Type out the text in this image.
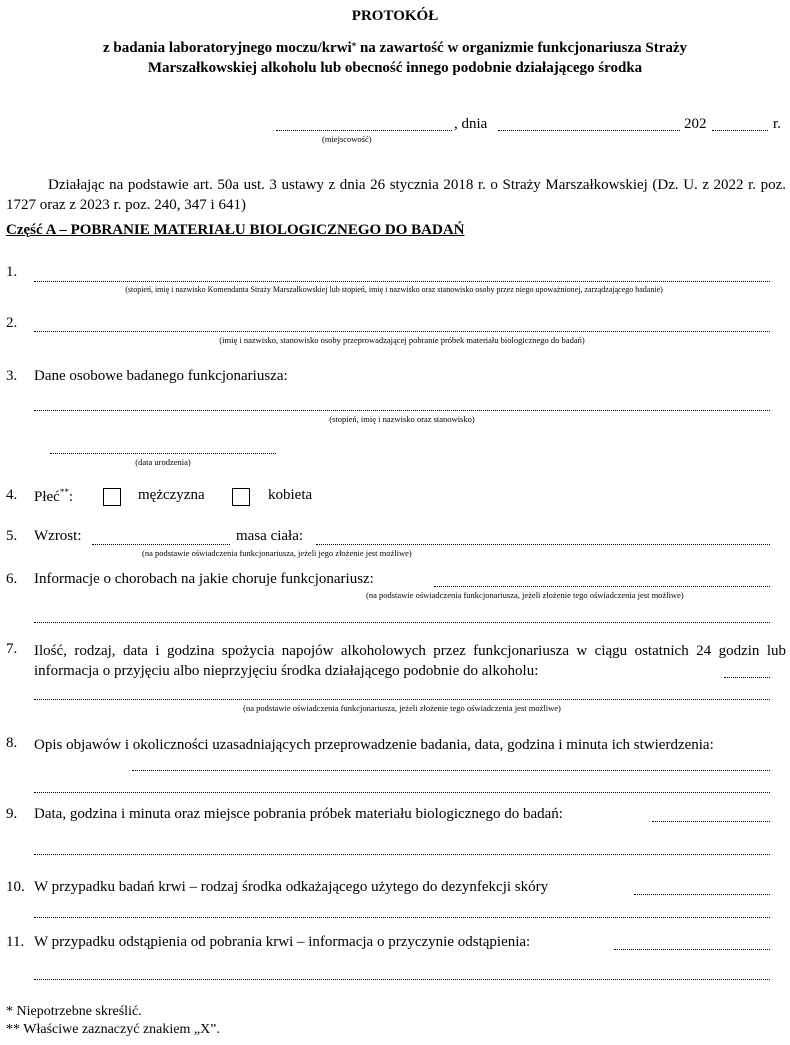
PROTOKÓŁ
z badania laboratoryjnego moczu/krwi* na zawartość w organizmie funkcjonariusza Straży
Marszałkowskiej alkoholu lub obecność innego podobnie działającego środka
, dnia	202	r.
(miejscowość)
Działając na podstawie art. 50a ust. 3 ustawy z dnia 26 stycznia 2018 r. o Straży Marszałkowskiej (Dz. U. z 2022 r. poz. 1727 oraz z 2023 r. poz. 240, 347 i 641)
Część A – POBRANIE MATERIAŁU BIOLOGICZNEGO DO BADAŃ
1.
(stopień, imię i nazwisko Komendanta Straży Marszałkowskiej lub stopień, imię i nazwisko oraz stanowisko osoby przez niego upoważnionej, zarządzającego badanie)
2.
(imię i nazwisko, stanowisko osoby przeprowadzającej pobranie próbek materiału biologicznego do badań)
3. Dane osobowe badanego funkcjonariusza:
(stopień, imię i nazwisko oraz stanowisko)
(data urodzenia)
4. Płeć**:	mężczyzna	kobieta
5. Wzrost:	masa ciała:
(na podstawie oświadczenia funkcjonariusza, jeżeli jego złożenie jest możliwe)
6. Informacje o chorobach na jakie choruje funkcjonariusz:
(na podstawie oświadczenia funkcjonariusza, jeżeli złożenie tego oświadczenia jest możliwe)
7. Ilość, rodzaj, data i godzina spożycia napojów alkoholowych przez funkcjonariusza w ciągu ostatnich 24 godzin lub informacja o przyjęciu albo nieprzyjęciu środka działającego podobnie do alkoholu:
(na podstawie oświadczenia funkcjonariusza, jeżeli złożenie tego oświadczenia jest możliwe)
8. Opis objawów i okoliczności uzasadniających przeprowadzenie badania, data, godzina i minuta ich stwierdzenia:
9. Data, godzina i minuta oraz miejsce pobrania próbek materiału biologicznego do badań:
10. W przypadku badań krwi – rodzaj środka odkażającego użytego do dezynfekcji skóry
11. W przypadku odstąpienia od pobrania krwi – informacja o przyczynie odstąpienia:
* Niepotrzebne skreślić.
** Właściwe zaznaczyć znakiem „X”.
